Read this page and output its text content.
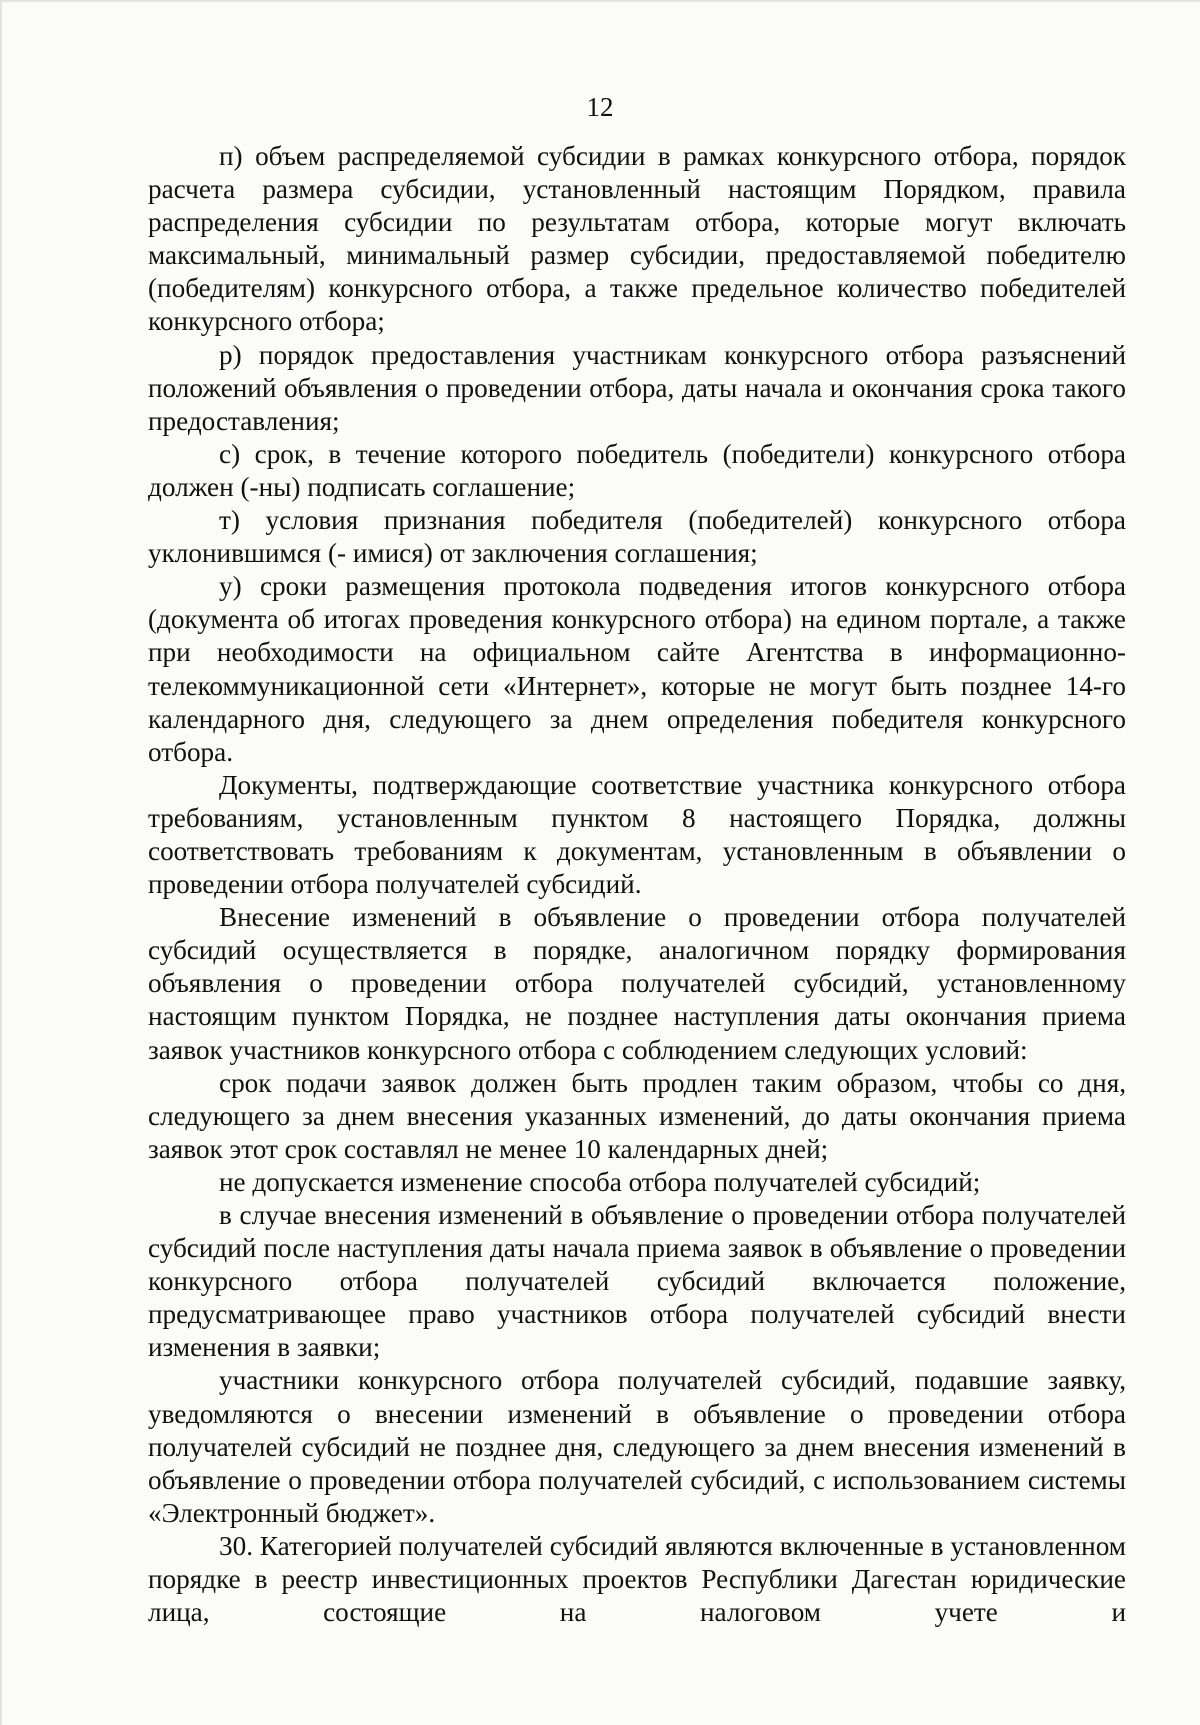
12

п) объем распределяемой субсидии в рамках конкурсного отбора, порядок расчета размера субсидии, установленный настоящим Порядком, правила распределения субсидии по результатам отбора, которые могут включать максимальный, минимальный размер субсидии, предоставляемой победителю (победителям) конкурсного отбора, а также предельное количество победителей конкурсного отбора;

р) порядок предоставления участникам конкурсного отбора разъяснений положений объявления о проведении отбора, даты начала и окончания срока такого предоставления;

с) срок, в течение которого победитель (победители) конкурсного отбора должен (-ны) подписать соглашение;

т) условия признания победителя (победителей) конкурсного отбора уклонившимся (- имися) от заключения соглашения;

у) сроки размещения протокола подведения итогов конкурсного отбора (документа об итогах проведения конкурсного отбора) на едином портале, а также при необходимости на официальном сайте Агентства в информационно-телекоммуникационной сети «Интернет», которые не могут быть позднее 14-го календарного дня, следующего за днем определения победителя конкурсного отбора.

Документы, подтверждающие соответствие участника конкурсного отбора требованиям, установленным пунктом 8 настоящего Порядка, должны соответствовать требованиям к документам, установленным в объявлении о проведении отбора получателей субсидий.

Внесение изменений в объявление о проведении отбора получателей субсидий осуществляется в порядке, аналогичном порядку формирования объявления о проведении отбора получателей субсидий, установленному настоящим пунктом Порядка, не позднее наступления даты окончания приема заявок участников конкурсного отбора с соблюдением следующих условий:

срок подачи заявок должен быть продлен таким образом, чтобы со дня, следующего за днем внесения указанных изменений, до даты окончания приема заявок этот срок составлял не менее 10 календарных дней;

не допускается изменение способа отбора получателей субсидий;

в случае внесения изменений в объявление о проведении отбора получателей субсидий после наступления даты начала приема заявок в объявление о проведении конкурсного отбора получателей субсидий включается положение, предусматривающее право участников отбора получателей субсидий внести изменения в заявки;

участники конкурсного отбора получателей субсидий, подавшие заявку, уведомляются о внесении изменений в объявление о проведении отбора получателей субсидий не позднее дня, следующего за днем внесения изменений в объявление о проведении отбора получателей субсидий, с использованием системы «Электронный бюджет».

30. Категорией получателей субсидий являются включенные в установленном порядке в реестр инвестиционных проектов Республики Дагестан юридические лица, состоящие на налоговом учете и
